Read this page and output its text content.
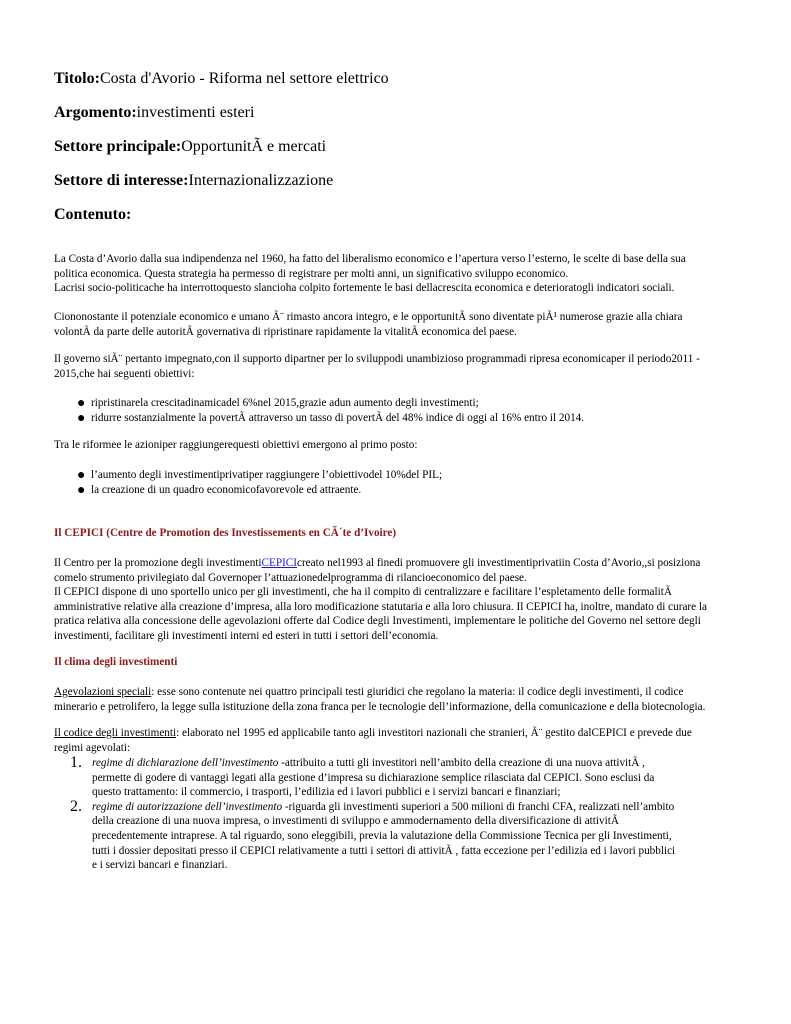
Titolo:Costa d'Avorio - Riforma nel settore elettrico
Argomento:investimenti esteri
Settore principale:OpportunitÃ e mercati
Settore di interesse:Internazionalizzazione
Contenuto:
La Costa d’Avorio dalla sua indipendenza nel 1960, ha fatto del liberalismo economico e l’apertura verso l’esterno, le scelte di base della sua
politica economica. Questa strategia ha permesso di registrare per molti anni, un significativo sviluppo economico.
Lacrisi socio-politicache ha interrottoquesto slancioha colpito fortemente le basi dellacrescita economica e deterioratogli indicatori sociali.
Ciononostante il potenziale economico e umano Ã¨ rimasto ancora integro, e le opportunitÃ sono diventate piÃ¹ numerose grazie alla chiara
volontÃ da parte delle autoritÃ governativa di ripristinare rapidamente la vitalitÃ economica del paese.
Il governo siÃ¨ pertanto impegnato,con il supporto dipartner per lo sviluppodi unambizioso programmadi ripresa economicaper il periodo2011 -
2015,che hai seguenti obiettivi:
● ripristinarela crescitadinamicadel 6%nel 2015,grazie adun aumento degli investimenti;
● ridurre sostanzialmente la povertÃ attraverso un tasso di povertÃ del 48% indice di oggi al 16% entro il 2014.
Tra le riformee le azioniper raggiungerequesti obiettivi emergono al primo posto:
● l’aumento degli investimentiprivatiper raggiungere l’obiettivodel 10%del PIL;
● la creazione di un quadro economicofavorevole ed attraente.
Il CEPICI (Centre de Promotion des Investissements en CÃ´te d’Ivoire)
Il Centro per la promozione degli investimentiCEPICIcreato nel1993 al finedi promuovere gli investimentiprivatiin Costa d’Avorio,,si posiziona
comelo strumento privilegiato dal Governoper l’attuazionedelprogramma di rilancioeconomico del paese.
Il CEPICI dispone di uno sportello unico per gli investimenti, che ha il compito di centralizzare e facilitare l’espletamento delle formalitÃ
amministrative relative alla creazione d’impresa, alla loro modificazione statutaria e alla loro chiusura. Il CEPICI ha, inoltre, mandato di curare la
pratica relativa alla concessione delle agevolazioni offerte dal Codice degli Investimenti, implementare le politiche del Governo nel settore degli
investimenti, facilitare gli investimenti interni ed esteri in tutti i settori dell’economia.
Il clima degli investimenti
Agevolazioni speciali: esse sono contenute nei quattro principali testi giuridici che regolano la materia: il codice degli investimenti, il codice
minerario e petrolifero, la legge sulla istituzione della zona franca per le tecnologie dell’informazione, della comunicazione e della biotecnologia.
Il codice degli investimenti: elaborato nel 1995 ed applicabile tanto agli investitori nazionali che stranieri, Ã¨ gestito dalCEPICI e prevede due
regimi agevolati:
1. regime di dichiarazione dell’investimento -attribuito a tutti gli investitori nell’ambito della creazione di una nuova attivitÃ ,
permette di godere di vantaggi legati alla gestione d’impresa su dichiarazione semplice rilasciata dal CEPICI. Sono esclusi da
questo trattamento: il commercio, i trasporti, l’edilizia ed i lavori pubblici e i servizi bancari e finanziari;
2. regime di autorizzazione dell’investimento -riguarda gli investimenti superiori a 500 milioni di franchi CFA, realizzati nell’ambito
della creazione di una nuova impresa, o investimenti di sviluppo e ammodernamento della diversificazione di attivitÃ
precedentemente intraprese. A tal riguardo, sono eleggibili, previa la valutazione della Commissione Tecnica per gli Investimenti,
tutti i dossier depositati presso il CEPICI relativamente a tutti i settori di attivitÃ , fatta eccezione per l’edilizia ed i lavori pubblici
e i servizi bancari e finanziari.
